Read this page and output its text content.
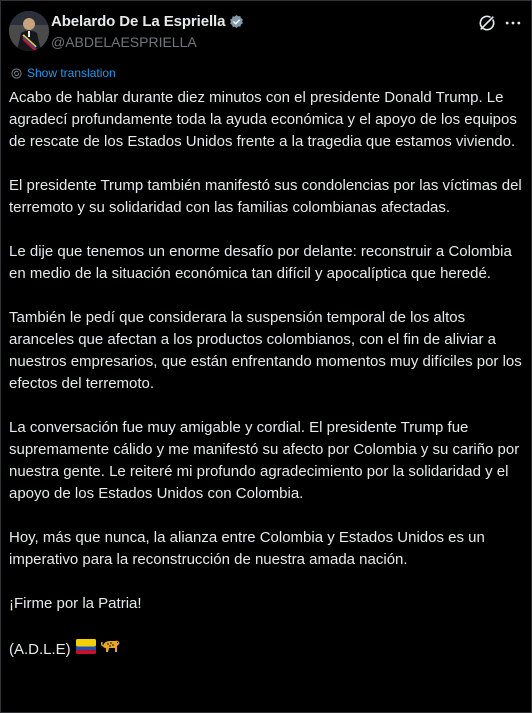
Abelardo De La Espriella
@ABDELAESPRIELLA
Show translation

Acabo de hablar durante diez minutos con el presidente Donald Trump. Le agradecí profundamente toda la ayuda económica y el apoyo de los equipos de rescate de los Estados Unidos frente a la tragedia que estamos viviendo.

El presidente Trump también manifestó sus condolencias por las víctimas del terremoto y su solidaridad con las familias colombianas afectadas.

Le dije que tenemos un enorme desafío por delante: reconstruir a Colombia en medio de la situación económica tan difícil y apocalíptica que heredé.

También le pedí que considerara la suspensión temporal de los altos aranceles que afectan a los productos colombianos, con el fin de aliviar a nuestros empresarios, que están enfrentando momentos muy difíciles por los efectos del terremoto.

La conversación fue muy amigable y cordial. El presidente Trump fue supremamente cálido y me manifestó su afecto por Colombia y su cariño por nuestra gente. Le reiteré mi profundo agradecimiento por la solidaridad y el apoyo de los Estados Unidos con Colombia.

Hoy, más que nunca, la alianza entre Colombia y Estados Unidos es un imperativo para la reconstrucción de nuestra amada nación.

¡Firme por la Patria!

(A.D.L.E)
